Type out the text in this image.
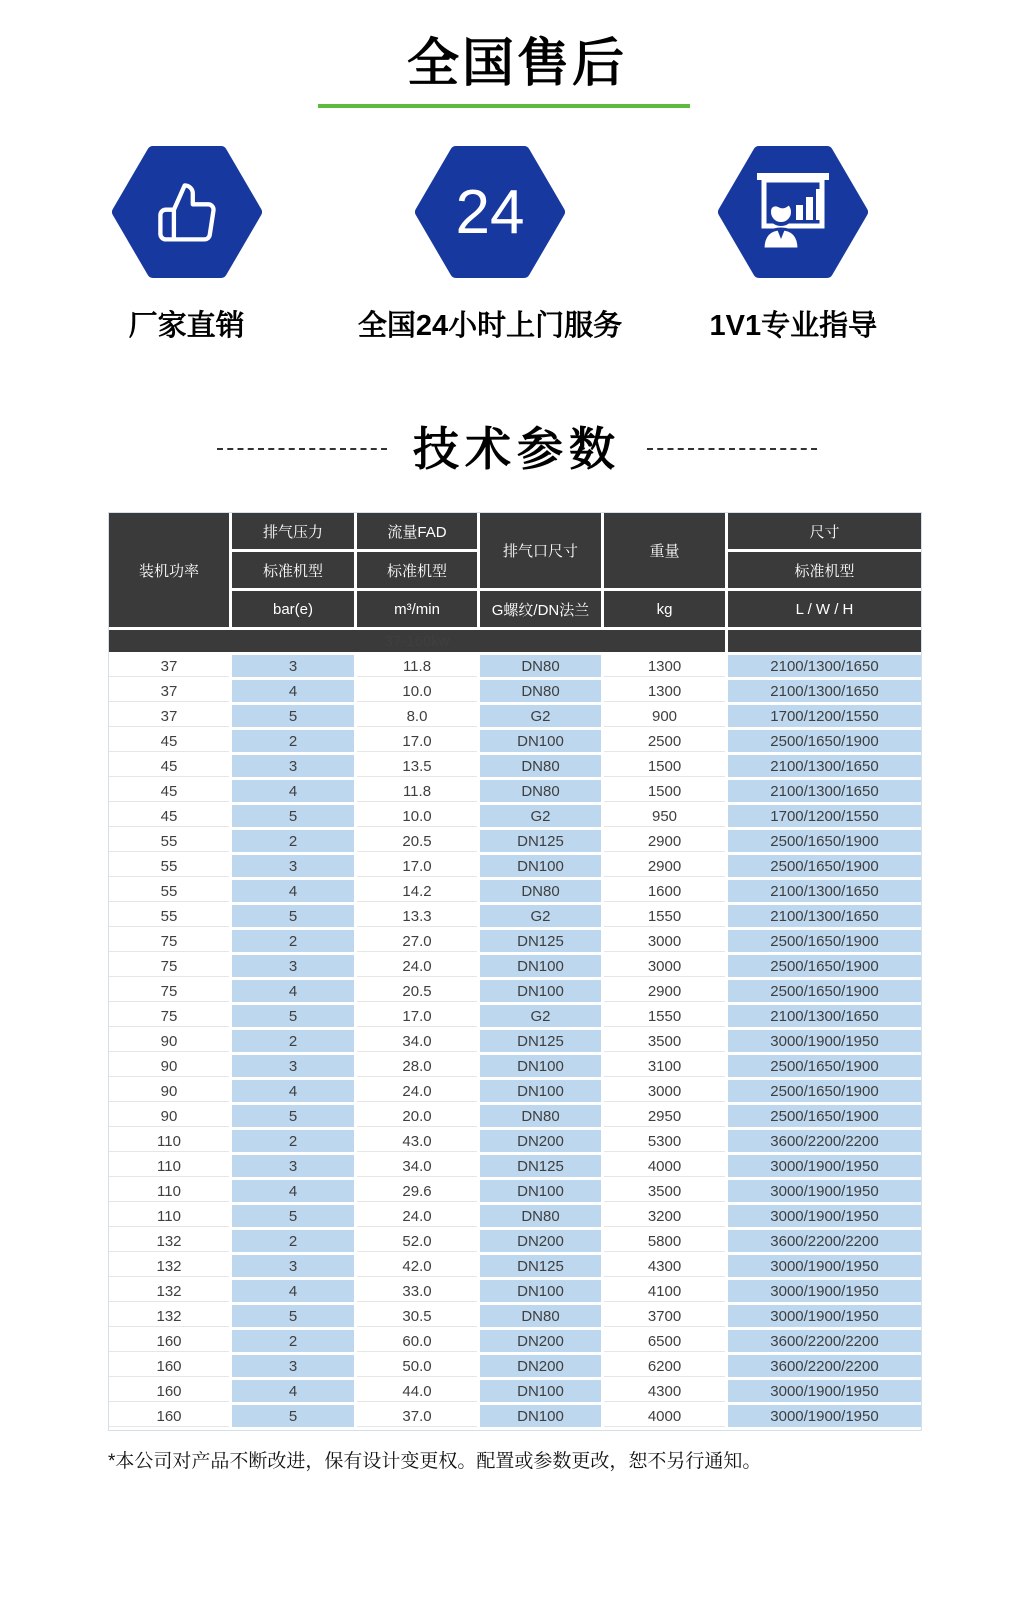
全国售后
厂家直销
24
全国24小时上门服务	1V1专业指导
技术参数
装机功率	排气压力	流量FAD	排气口尺寸	重量	尺寸
	标准机型	标准机型			标准机型
	bar(e)	m³/min	G螺纹/DN法兰	kg	L / W / H
37-160kw					
37	3	11.8	DN80	1300	2100/1300/1650
37	4	10.0	DN80	1300	2100/1300/1650
37	5	8.0	G2	900	1700/1200/1550
45	2	17.0	DN100	2500	2500/1650/1900
45	3	13.5	DN80	1500	2100/1300/1650
45	4	11.8	DN80	1500	2100/1300/1650
45	5	10.0	G2	950	1700/1200/1550
55	2	20.5	DN125	2900	2500/1650/1900
55	3	17.0	DN100	2900	2500/1650/1900
55	4	14.2	DN80	1600	2100/1300/1650
55	5	13.3	G2	1550	2100/1300/1650
75	2	27.0	DN125	3000	2500/1650/1900
75	3	24.0	DN100	3000	2500/1650/1900
75	4	20.5	DN100	2900	2500/1650/1900
75	5	17.0	G2	1550	2100/1300/1650
90	2	34.0	DN125	3500	3000/1900/1950
90	3	28.0	DN100	3100	2500/1650/1900
90	4	24.0	DN100	3000	2500/1650/1900
90	5	20.0	DN80	2950	2500/1650/1900
110	2	43.0	DN200	5300	3600/2200/2200
110	3	34.0	DN125	4000	3000/1900/1950
110	4	29.6	DN100	3500	3000/1900/1950
110	5	24.0	DN80	3200	3000/1900/1950
132	2	52.0	DN200	5800	3600/2200/2200
132	3	42.0	DN125	4300	3000/1900/1950
132	4	33.0	DN100	4100	3000/1900/1950
132	5	30.5	DN80	3700	3000/1900/1950
160	2	60.0	DN200	6500	3600/2200/2200
160	3	50.0	DN200	6200	3600/2200/2200
160	4	44.0	DN100	4300	3000/1900/1950
160	5	37.0	DN100	4000	3000/1900/1950

*本公司对产品不断改进，保有设计变更权。配置或参数更改，恕不另行通知。
